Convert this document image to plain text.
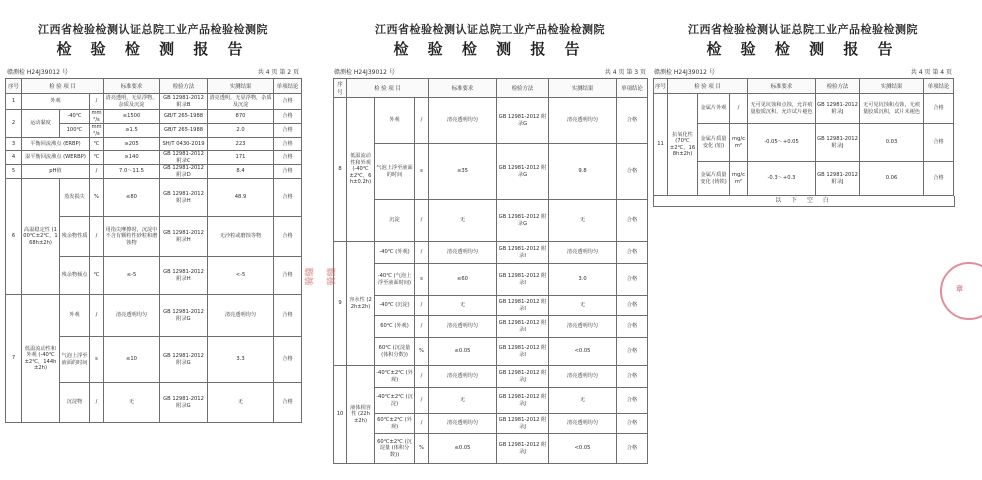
江西省检验检测认证总院工业产品检验检测院
检 验 检 测 报 告
赣测检 H24J39012 号	共 4 页 第 2 页
序号	检 验 项 目			标准要求	检验方法	实测结果	单项结论
1	外观		/	清亮透明，无显浮物，杂质及沉淀	GB 12981-2012 附录B	清亮透明，无显浮物，杂质及沉淀	合格
2	运动黏度	-40℃	mm²/s	≤1500	GB/T 265-1988	870	合格
		100℃	mm²/s	≥1.5	GB/T 265-1988	2.0	合格
3	平衡回流沸点 (ERBP)		℃	≥205	SH/T 0430-2019	223	合格
4	湿平衡回流沸点 (WERBP)		℃	≥140	GB 12981-2012 附录C	171	合格
5	pH值		/	7.0～11.5	GB 12981-2012 附录D	8.4	合格
6	高温稳定性 (100℃±2℃，168h±2h)	蒸发损失	%	≤80	GB 12981-2012 附录H	48.9	合格
		残余物性质	/	用指尖摩擦时，沉淀中不含有颗粒性砂粒和磨蚀物	GB 12981-2012 附录H	无沙粒或磨蚀等物	合格
		残余物倾点	℃	≤-5	GB 12981-2012 附录H	<-5	合格
7	低温流动性和外观 (-40℃±2℃，144h±2h)	外观	/	清亮透明均匀	GB 12981-2012 附录G	清亮透明均匀	合格
		气泡上浮至液面的时间	s	≤10	GB 12981-2012 附录G	3.3	合格
		沉淀物	/	无	GB 12981-2012 附录G	无	合格
江西省检验检测认证总院工业产品检验检测院
检 验 检 测 报 告
赣测检 H24J39012 号	共 4 页 第 3 页
序号	检 验 项 目			标准要求	检验方法	实测结果	单项结论
8	低温流动性和外观 (-40℃±2℃，6h±0.2h)	外观	/	清亮透明均匀	GB 12981-2012 附录G	清亮透明均匀	合格
		气泡上浮至液面的时间	s	≤35	GB 12981-2012 附录G	9.8	合格
		沉淀	/	无	GB 12981-2012 附录G	无	合格
9	容水性 (22h±2h)	-40℃ (外观)	/	清亮透明均匀	GB 12981-2012 附录I	清亮透明均匀	合格
		-40℃ (气泡上浮至液面时间)	s	≤60	GB 12981-2012 附录I	3.0	合格
		-40℃ (沉淀)	/	无	GB 12981-2012 附录I	无	合格
		60℃ (外观)	/	清亮透明均匀	GB 12981-2012 附录I	清亮透明均匀	合格
		60℃ (沉淀量 (体积分数))	%	≤0.05	GB 12981-2012 附录I	<0.05	合格
10	液体相容性 (22h±2h)	-40℃±2℃ (外观)	/	清亮透明均匀	GB 12981-2012 附录J	清亮透明均匀	合格
		-40℃±2℃ (沉淀)	/	无	GB 12981-2012 附录J	无	合格
		60℃±2℃ (外观)	/	清亮透明均匀	GB 12981-2012 附录J	清亮透明均匀	合格
		60℃±2℃ (沉淀量 (体积分数))	%	≤0.05	GB 12981-2012 附录J	<0.05	合格
江西省检验检测认证总院工业产品检验检测院
检 验 检 测 报 告
赣测检 H24J39012 号	共 4 页 第 4 页
序号	检 验 项 目			标准要求	检验方法	实测结果	单项结论
11	抗氧化性 (70℃±2℃，168h±2h)	金属片外观	/	无可见坑蚀和点蚀，允许痕量胶质沉积，允许试片褪色	GB 12981-2012 附录J	无可见坑蚀和点蚀，无痕量胶质沉积，试片未褪色	合格
		金属片质量变化 (铝)	mg/cm²	-0.05～+0.05	GB 12981-2012 附录J	0.03	合格
		金属片质量变化 (铸铁)	mg/cm²	-0.3～+0.3	GB 12981-2012 附录J	0.06	合格
以 下 空 白
骑缝	骑缝
章
